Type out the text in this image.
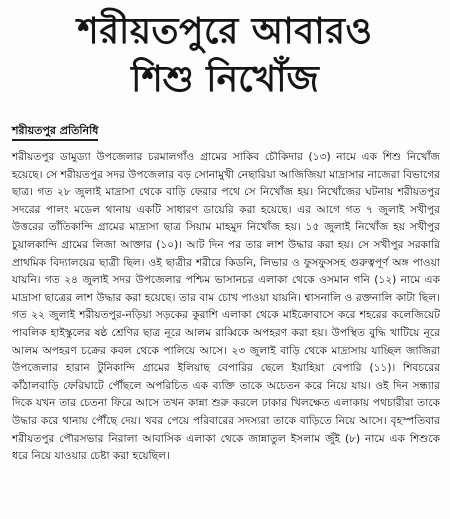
শরীয়তপুরে আবারও
শিশু নিখোঁজ
শরীয়তপুর প্রতিনিধি

শরীয়তপুর ডামুড্যা উপজেলার চরমালগাঁও গ্রামের সাকিব চৌকিদার (১৩) নামে এক শিশু নিখোঁজ হয়েছে। সে শরীয়তপুর সদর উপজেলার বড় সোনামুখী নেছারিয়া আজিজিয়া মাদ্রাসার নাজেরা বিভাগের ছাত্র। গত ২৮ জুলাই মাদ্রাসা থেকে বাড়ি ফেরার পথে সে নিখোঁজ হয়। নিখোঁজের ঘটনায় শরীয়তপুর সদরের পালং মডেল থানায় একটি সাধারণ ডায়েরি করা হয়েছে। এর আগে গত ৭ জুলাই সখীপুর উত্তরের তাঁতিকান্দি গ্রামের মাদ্রাসা ছাত্র সিয়াম মাহমুদ নিখোঁজ হয়। ১৫ জুলাই নিখোঁজ হয় সখীপুর চুয়ালকান্দি গ্রামের লিজা আক্তার (১০)। আট দিন পর তার লাশ উদ্ধার করা হয়। সে সখীপুর সরকারি প্রাথমিক বিদ্যালয়ের ছাত্রী ছিল। ওই ছাত্রীর শরীরে কিডনি, লিভার ও ফুসফুসসহ গুরুত্বপূর্ণ অঙ্গ পাওয়া যায়নি। গত ২৪ জুলাই সদর উপজেলার পশ্চিম ভাসানচর এলাকা থেকে ওসমান গনি (১২) নামে এক মাদ্রাসা ছাত্রের লাশ উদ্ধার করা হয়েছে। তার বাম চোখ পাওয়া যায়নি। শ্বাসনালি ও রক্তনালি কাটা ছিল। গত ২২ জুলাই শরীয়তপুর-নড়িয়া সড়কের কুরাশি এলাকা থেকে মাইক্রোবাসে করে শহরের কলেজিয়েট পাবলিক হাইস্কুলের ষষ্ঠ শ্রেণির ছাত্র নূরে আলম রাব্বিকে অপহরণ করা হয়। উপস্থিত বুদ্ধি খাটিয়ে নূরে আলম অপহরণ চক্রের কবল থেকে পালিয়ে আসে। ২৩ জুলাই বাড়ি থেকে মাদ্রাসায় যাচ্ছিল জাজিরা উপজেলার হারান টুনিকান্দি গ্রামের ইলিয়াছ বেপারির ছেলে ইয়াহিয়া বেপারি (১১)। শিবচরের কাঁঠালবাড়ি ফেরিঘাটে পৌঁছলে অপরিচিত এক ব্যক্তি তাকে অচেতন করে নিয়ে যায়। ওই দিন সন্ধ্যার দিকে যখন তার চেতনা ফিরে আসে তখন কান্না শুরু করলে ঢাকার খিলক্ষেত এলাকায় পথচারীরা তাকে উদ্ধার করে থানায় পৌঁছে দেয়। খবর পেয়ে পরিবারের সদস্যরা তাকে বাড়িতে নিয়ে আসে। বৃহস্পতিবার শরীয়তপুর পৌরসভার নিরালা আবাসিক এলাকা থেকে জান্নাতুল ইসলাম জুঁই (৮) নামে এক শিশুকে ধরে নিয়ে যাওয়ার চেষ্টা করা হয়েছিল।
